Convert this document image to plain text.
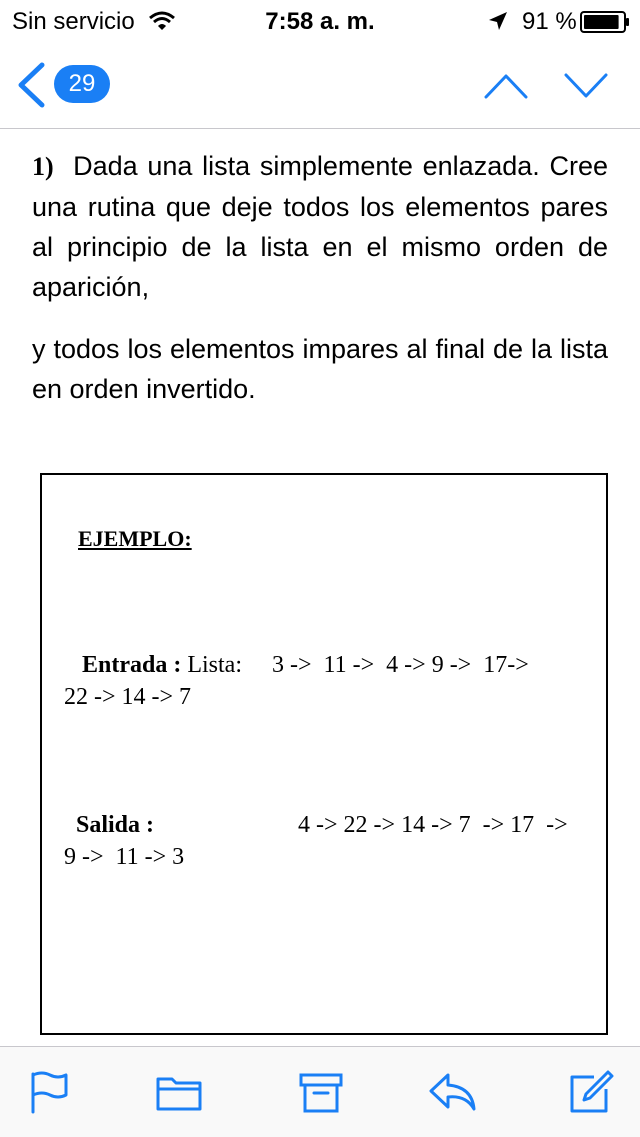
Sin servicio	7:58 a. m.	91 %
29

1) Dada una lista simplemente enlazada. Cree una rutina que deje todos los elementos pares al principio de la lista en el mismo orden de aparición,

y todos los elementos impares al final de la lista en orden invertido.

EJEMPLO:
Entrada : Lista: 3 ->  11 ->  4 -> 9 ->  17->
22 -> 14 -> 7
Salida :	4 -> 22 -> 14 -> 7  -> 17  ->
9 ->  11 -> 3
